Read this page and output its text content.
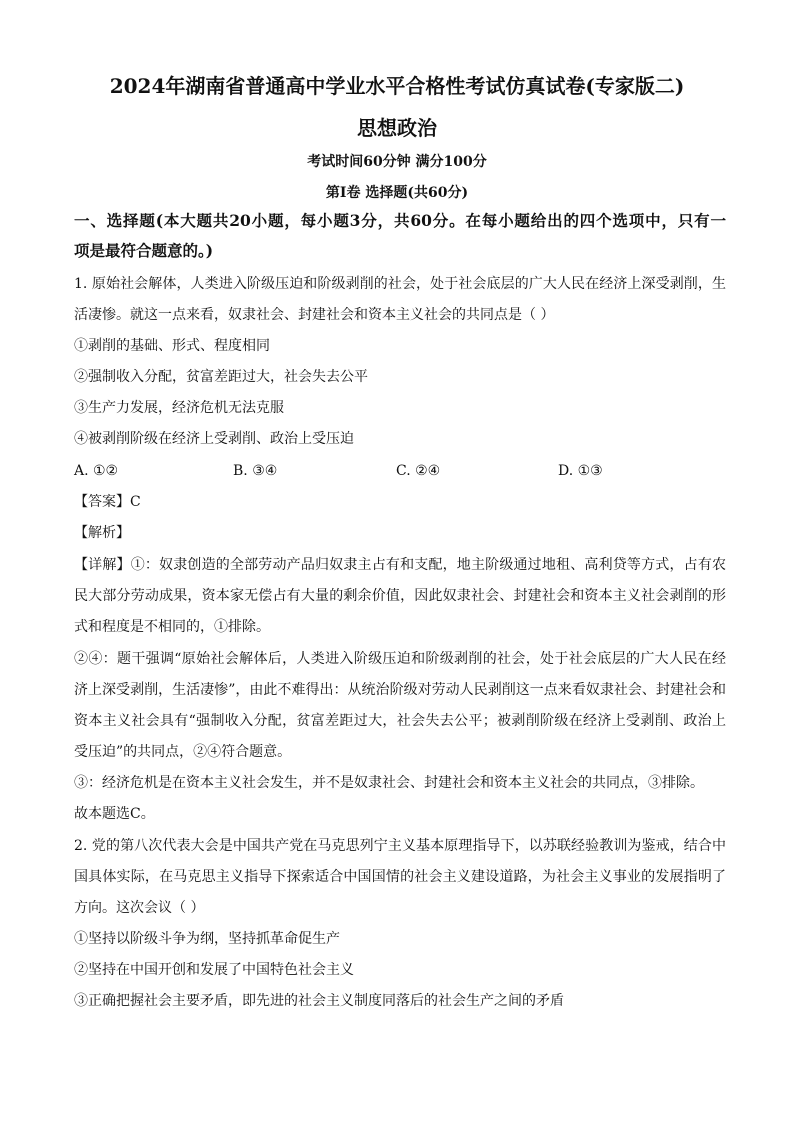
2024年湖南省普通高中学业水平合格性考试仿真试卷(专家版二)
思想政治
考试时间60分钟 满分100分
第Ⅰ卷 选择题(共60分)
一、选择题(本大题共20小题，每小题3分，共60分。在每小题给出的四个选项中，只有一
项是最符合题意的。)
1. 原始社会解体，人类进入阶级压迫和阶级剥削的社会，处于社会底层的广大人民在经济上深受剥削，生
活凄惨。就这一点来看，奴隶社会、封建社会和资本主义社会的共同点是（ ）
①剥削的基础、形式、程度相同
②强制收入分配，贫富差距过大，社会失去公平
③生产力发展，经济危机无法克服
④被剥削阶级在经济上受剥削、政治上受压迫
A. ①②	B. ③④	C. ②④	D. ①③
【答案】C
【解析】
【详解】①：奴隶创造的全部劳动产品归奴隶主占有和支配，地主阶级通过地租、高利贷等方式，占有农
民大部分劳动成果，资本家无偿占有大量的剩余价值，因此奴隶社会、封建社会和资本主义社会剥削的形
式和程度是不相同的，①排除。
②④：题干强调“原始社会解体后，人类进入阶级压迫和阶级剥削的社会，处于社会底层的广大人民在经
济上深受剥削，生活凄惨”，由此不难得出：从统治阶级对劳动人民剥削这一点来看奴隶社会、封建社会和
资本主义社会具有“强制收入分配，贫富差距过大，社会失去公平；被剥削阶级在经济上受剥削、政治上
受压迫”的共同点，②④符合题意。
③：经济危机是在资本主义社会发生，并不是奴隶社会、封建社会和资本主义社会的共同点，③排除。
故本题选C。
2. 党的第八次代表大会是中国共产党在马克思列宁主义基本原理指导下，以苏联经验教训为鉴戒，结合中
国具体实际，在马克思主义指导下探索适合中国国情的社会主义建设道路，为社会主义事业的发展指明了
方向。这次会议（ ）
①坚持以阶级斗争为纲，坚持抓革命促生产
②坚持在中国开创和发展了中国特色社会主义
③正确把握社会主要矛盾，即先进的社会主义制度同落后的社会生产之间的矛盾
